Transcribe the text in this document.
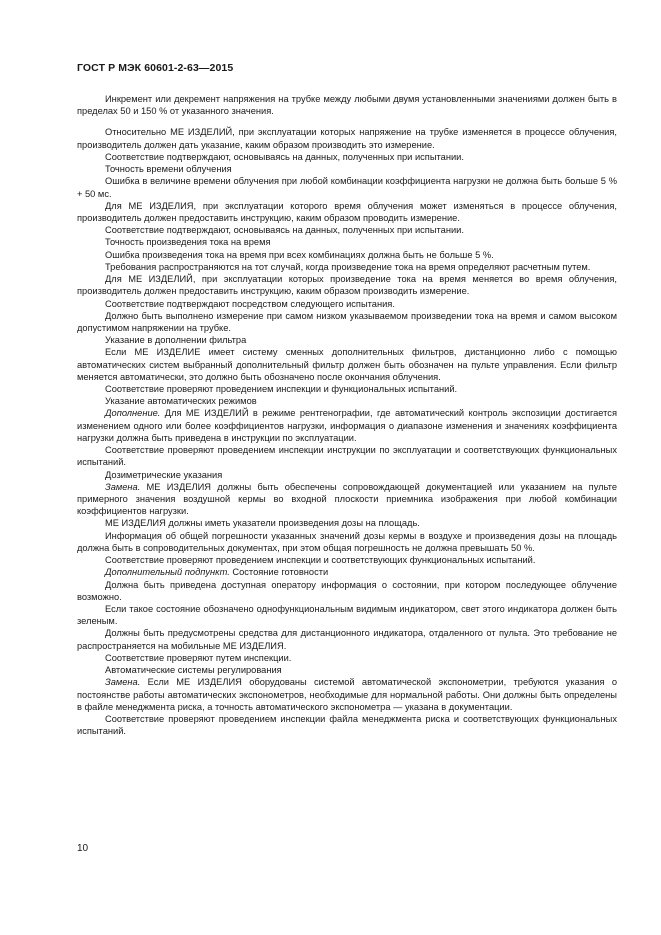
ГОСТ Р МЭК 60601-2-63—2015
Инкремент или декремент напряжения на трубке между любыми двумя установленными значениями должен быть в пределах 50 и 150 % от указанного значения.
Относительно МЕ ИЗДЕЛИЙ, при эксплуатации которых напряжение на трубке изменяется в процессе облучения, производитель должен дать указание, каким образом производить это измерение.
Соответствие подтверждают, основываясь на данных, полученных при испытании.
Точность времени облучения
Ошибка в величине времени облучения при любой комбинации коэффициента нагрузки не должна быть больше 5 % + 50 мс.
Для МЕ ИЗДЕЛИЯ, при эксплуатации которого время облучения может изменяться в процессе облучения, производитель должен предоставить инструкцию, каким образом проводить измерение.
Соответствие подтверждают, основываясь на данных, полученных при испытании.
Точность произведения тока на время
Ошибка произведения тока на время при всех комбинациях должна быть не больше 5 %.
Требования распространяются на тот случай, когда произведение тока на время определяют расчетным путем.
Для МЕ ИЗДЕЛИЙ, при эксплуатации которых произведение тока на время меняется во время облучения, производитель должен предоставить инструкцию, каким образом производить измерение.
Соответствие подтверждают посредством следующего испытания.
Должно быть выполнено измерение при самом низком указываемом произведении тока на время и самом высоком допустимом напряжении на трубке.
Указание в дополнении фильтра
Если МЕ ИЗДЕЛИЕ имеет систему сменных дополнительных фильтров, дистанционно либо с помощью автоматических систем выбранный дополнительный фильтр должен быть обозначен на пульте управления. Если фильтр меняется автоматически, это должно быть обозначено после окончания облучения.
Соответствие проверяют проведением инспекции и функциональных испытаний.
Указание автоматических режимов
Дополнение. Для МЕ ИЗДЕЛИЙ в режиме рентгенографии, где автоматический контроль экспозиции достигается изменением одного или более коэффициентов нагрузки, информация о диапазоне изменения и значениях коэффициента нагрузки должна быть приведена в инструкции по эксплуатации.
Соответствие проверяют проведением инспекции инструкции по эксплуатации и соответствующих функциональных испытаний.
Дозиметрические указания
Замена. МЕ ИЗДЕЛИЯ должны быть обеспечены сопровождающей документацией или указанием на пульте примерного значения воздушной кермы во входной плоскости приемника изображения при любой комбинации коэффициентов нагрузки.
МЕ ИЗДЕЛИЯ должны иметь указатели произведения дозы на площадь.
Информация об общей погрешности указанных значений дозы кермы в воздухе и произведения дозы на площадь должна быть в сопроводительных документах, при этом общая погрешность не должна превышать 50 %.
Соответствие проверяют проведением инспекции и соответствующих функциональных испытаний.
Дополнительный подпункт. Состояние готовности
Должна быть приведена доступная оператору информация о состоянии, при котором последующее облучение возможно.
Если такое состояние обозначено однофункциональным видимым индикатором, свет этого индикатора должен быть зеленым.
Должны быть предусмотрены средства для дистанционного индикатора, отдаленного от пульта. Это требование не распространяется на мобильные МЕ ИЗДЕЛИЯ.
Соответствие проверяют путем инспекции.
Автоматические системы регулирования
Замена. Если МЕ ИЗДЕЛИЯ оборудованы системой автоматической экспонометрии, требуются указания о постоянстве работы автоматических экспонометров, необходимые для нормальной работы. Они должны быть определены в файле менеджмента риска, а точность автоматического экспонометра — указана в документации.
Соответствие проверяют проведением инспекции файла менеджмента риска и соответствующих функциональных испытаний.
10
